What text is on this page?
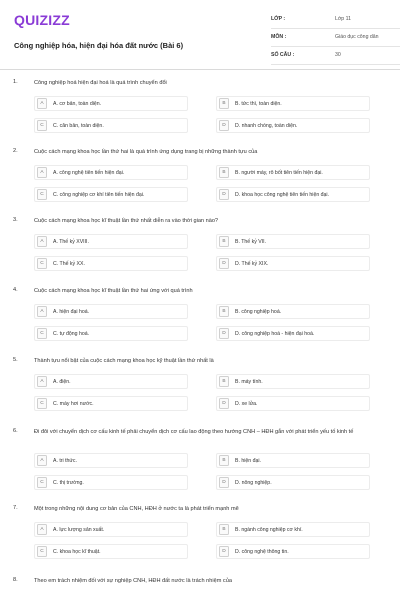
QUIZIZZ
Công nghiệp hóa, hiện đại hóa đất nước (Bài 6)
LỚP :	Lớp 11
MÔN :	Giáo dục công dân
SỐ CÂU :	30
1.	Công nghiệp hoá hiện đại hoá là quá trình chuyển đổi
A	A. cơ bản, toàn diện.	B	B. tức thì, toàn diện.
C	C. căn bản, toàn diện.	D	D. nhanh chóng, toàn diện.
2.	Cuộc cách mạng khoa học lần thứ hai là quá trình ứng dụng trang bị những thành tựu của
A	A. công nghệ tiên tiến hiện đại.	B	B. người máy, rô bốt tiên tiến hiện đại.
C	C. công nghiệp cơ khí tiên tiến hiện đại.	D	D. khoa học công nghệ tiên tiến hiện đại.
3.	Cuộc cách mạng khoa học kĩ thuật lần thứ nhất diễn ra vào thời gian nào?
A	A. Thế kỷ XVIII.	B	B. Thế kỷ VII.
C	C. Thế kỷ XX.	D	D. Thế kỷ XIX.
4.	Cuộc cách mạng khoa học kĩ thuật lần thứ hai ứng với quá trình
A	A. hiện đại hoá.	B	B. công nghiệp hoá.
C	C. tự động hoá.	D	D. công nghiệp hoá - hiện đại hoá.
5.	Thành tựu nổi bật của cuộc cách mạng khoa học kỹ thuật lần thứ nhất là
A	A. điện.	B	B. máy tính.
C	C. máy hơi nước.	D	D. xe lửa.
6.	Đi đôi với chuyển dịch cơ cấu kinh tế phải chuyển dịch cơ cấu lao động theo hướng CNH – HĐH gắn với phát triển yếu tố kinh tế
A	A. tri thức.	B	B. hiện đại.
C	C. thị trường.	D	D. nông nghiệp.
7.	Một trong những nội dung cơ bản của CNH, HĐH ở nước ta là phát triển mạnh mẽ
A	A. lực lượng sản xuất.	B	B. ngành công nghiệp cơ khí.
C	C. khoa học kĩ thuật.	D	D. công nghệ thông tin.
8.	Theo em trách nhiệm đối với sự nghiệp CNH, HĐH đất nước là trách nhiệm của
